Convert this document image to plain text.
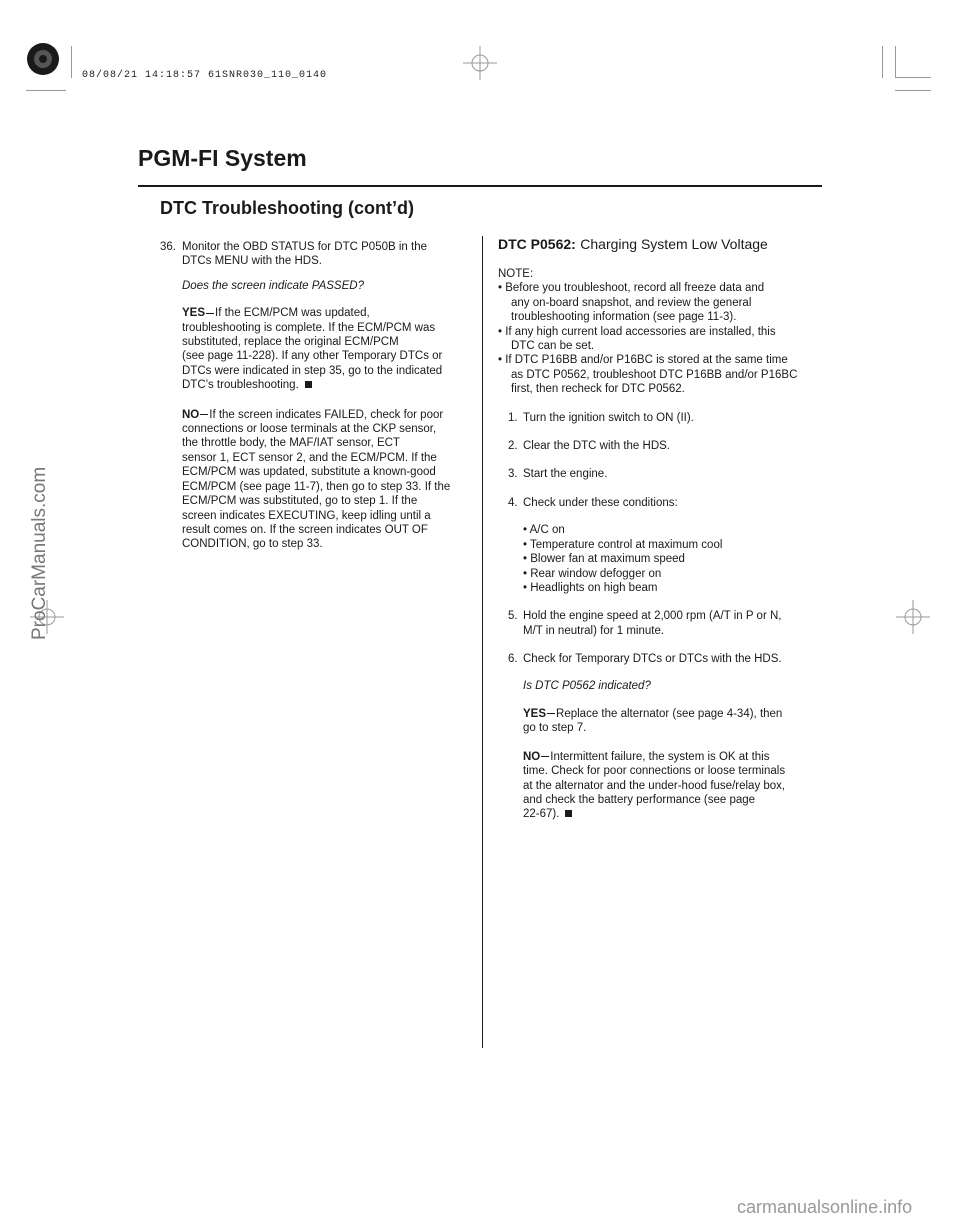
08/08/21 14:18:57 61SNR030_110_0140
PGM-FI System
DTC Troubleshooting (cont’d)
36. Monitor the OBD STATUS for DTC P050B in the
DTCs MENU with the HDS.
Does the screen indicate PASSED?
YES If the ECM/PCM was updated,
troubleshooting is complete. If the ECM/PCM was
substituted, replace the original ECM/PCM
(see page 11-228). If any other Temporary DTCs or
DTCs were indicated in step 35, go to the indicated
DTC’s troubleshooting.
NO If the screen indicates FAILED, check for poor
connections or loose terminals at the CKP sensor,
the throttle body, the MAF/IAT sensor, ECT
sensor 1, ECT sensor 2, and the ECM/PCM. If the
ECM/PCM was updated, substitute a known-good
ECM/PCM (see page 11-7), then go to step 33. If the
ECM/PCM was substituted, go to step 1. If the
screen indicates EXECUTING, keep idling until a
result comes on. If the screen indicates OUT OF
CONDITION, go to step 33.
DTC P0562: Charging System Low Voltage
NOTE:
• Before you troubleshoot, record all freeze data and
any on-board snapshot, and review the general
troubleshooting information (see page 11-3).
• If any high current load accessories are installed, this
DTC can be set.
• If DTC P16BB and/or P16BC is stored at the same time
as DTC P0562, troubleshoot DTC P16BB and/or P16BC
first, then recheck for DTC P0562.
1. Turn the ignition switch to ON (II).
2. Clear the DTC with the HDS.
3. Start the engine.
4. Check under these conditions:
• A/C on
• Temperature control at maximum cool
• Blower fan at maximum speed
• Rear window defogger on
• Headlights on high beam
5. Hold the engine speed at 2,000 rpm (A/T in P or N,
M/T in neutral) for 1 minute.
6. Check for Temporary DTCs or DTCs with the HDS.
Is DTC P0562 indicated?
YES Replace the alternator (see page 4-34), then
go to step 7.
NO Intermittent failure, the system is OK at this
time. Check for poor connections or loose terminals
at the alternator and the under-hood fuse/relay box,
and check the battery performance (see page
22-67).
ProCarManuals.com
carmanualsonline.info
